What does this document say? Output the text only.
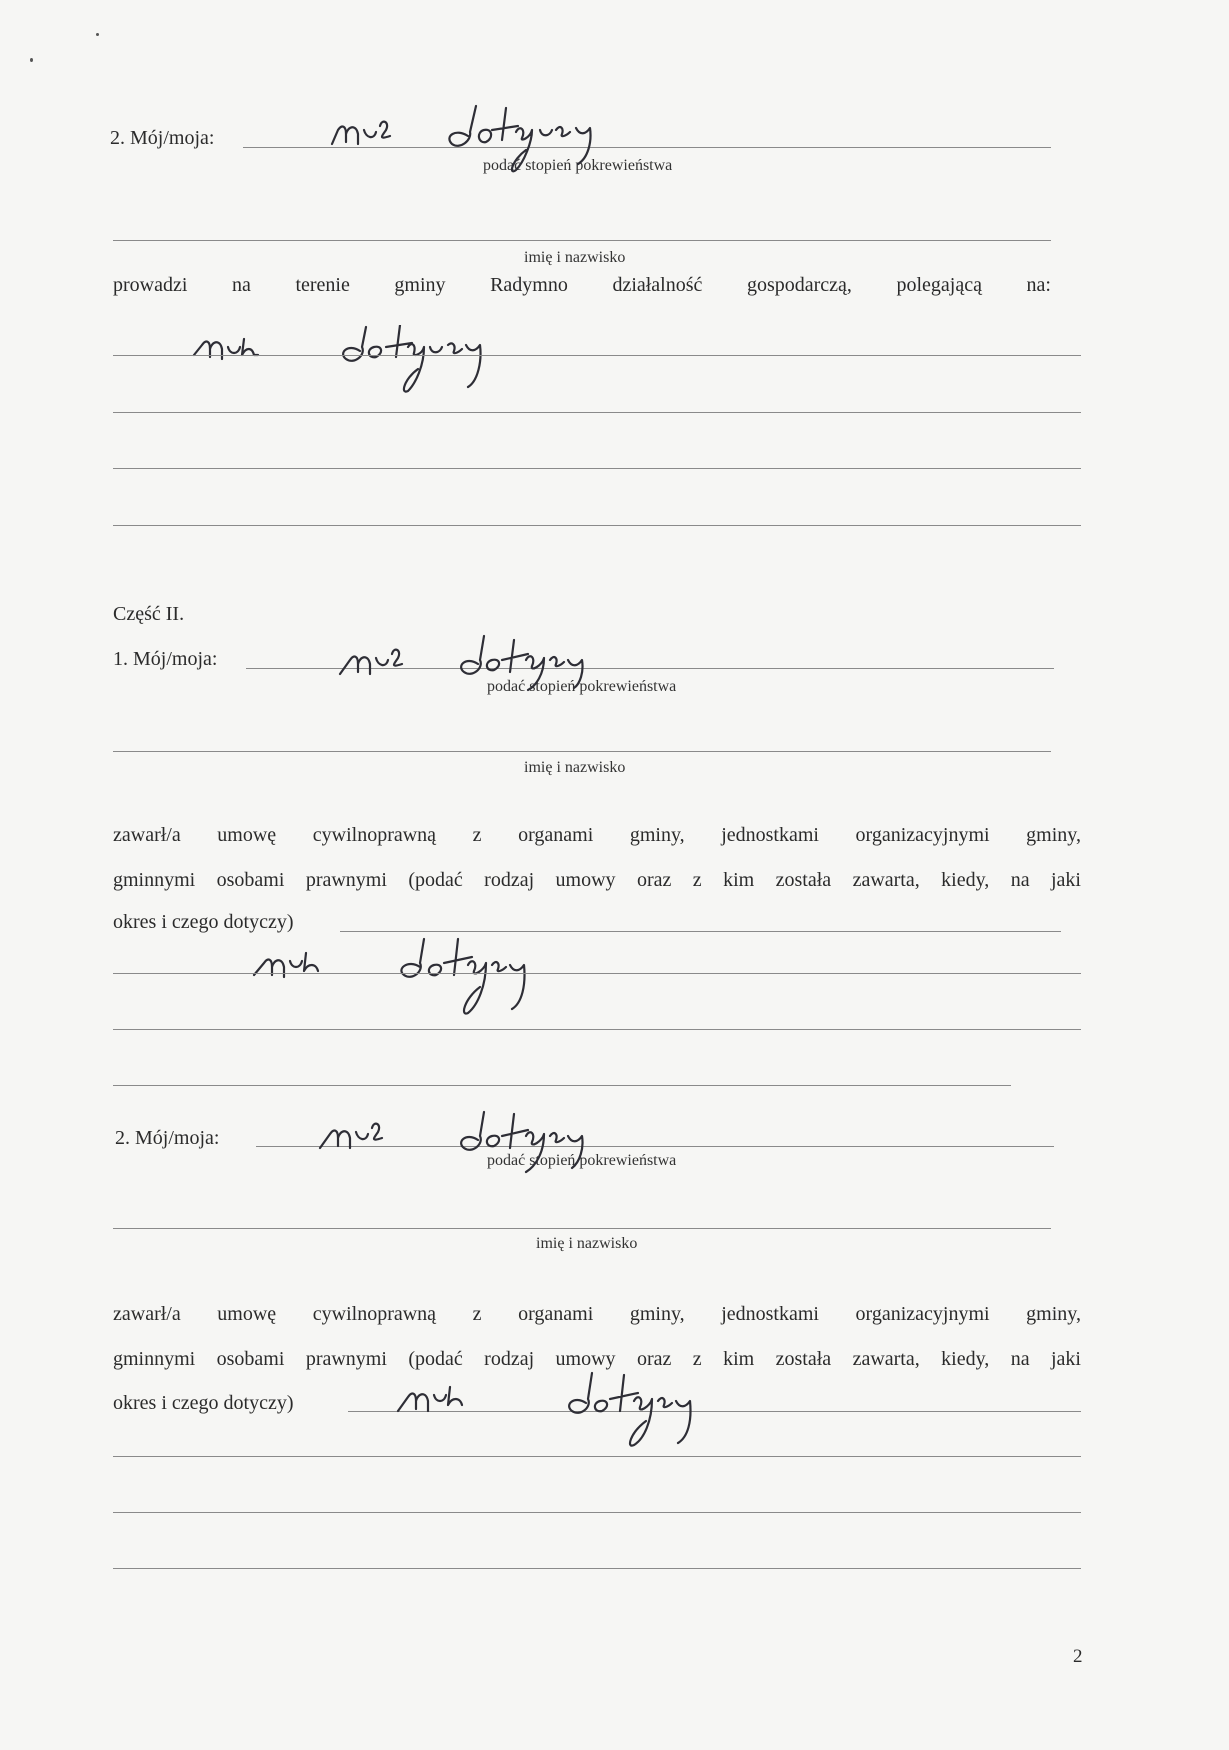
2. Mój/moja:
podać stopień pokrewieństwa
imię i nazwisko
prowadzi na terenie gminy Radymno działalność gospodarczą, polegającą na:
Część II.
1. Mój/moja:
podać stopień pokrewieństwa
imię i nazwisko
zawarł/a umowę cywilnoprawną z organami gminy, jednostkami organizacyjnymi gminy,
gminnymi osobami prawnymi (podać rodzaj umowy oraz z kim została zawarta, kiedy, na jaki
okres i czego dotyczy)
2. Mój/moja:
podać stopień pokrewieństwa
imię i nazwisko
zawarł/a umowę cywilnoprawną z organami gminy, jednostkami organizacyjnymi gminy,
gminnymi osobami prawnymi (podać rodzaj umowy oraz z kim została zawarta, kiedy, na jaki
okres i czego dotyczy)
2
